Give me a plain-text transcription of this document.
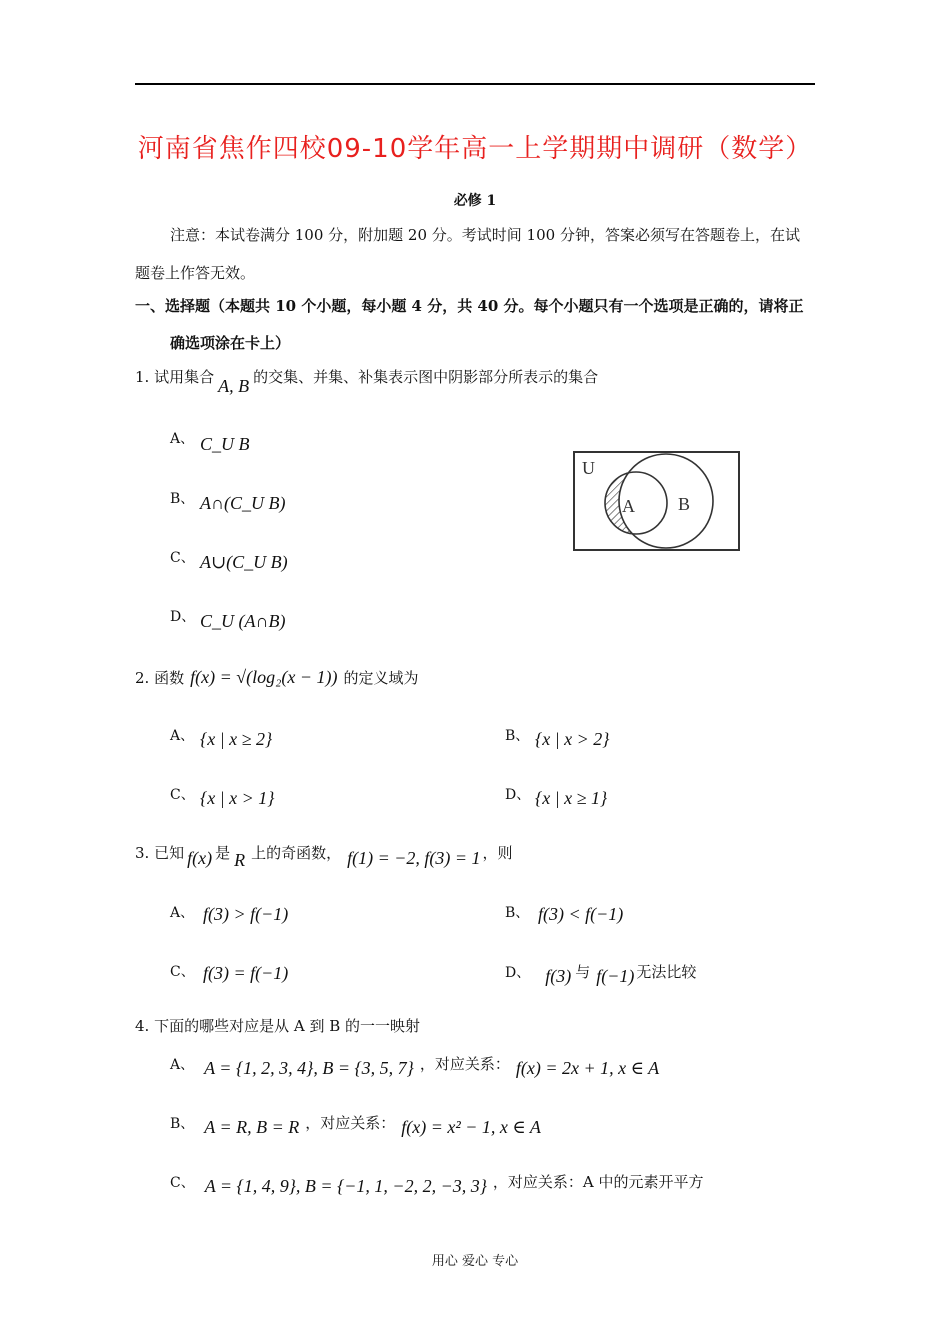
河南省焦作四校09-10学年高一上学期期中调研（数学）
必修 1
注意：本试卷满分 100 分，附加题 20 分。考试时间 100 分钟，答案必须写在答题卷上，在试
题卷上作答无效。
一、选择题（本题共 10 个小题，每小题 4 分，共 40 分。每个小题只有一个选项是正确的，请将正
确选项涂在卡上）
1. 试用集合 A, B 的交集、并集、补集表示图中阴影部分所表示的集合
A、 C_U B
B、 A∩(C_U B)
C、 A∪(C_U B)
D、 C_U (A∩B)
U
A B
2. 函数 f(x) = √(log₂(x − 1)) 的定义域为
A、 {x | x ≥ 2}	B、 {x | x > 2}
C、 {x | x > 1}	D、 {x | x ≥ 1}
3. 已知 f(x) 是 R 上的奇函数， f(1) = −2, f(3) = 1 ，则
A、 f(3) > f(−1)	B、 f(3) < f(−1)
C、 f(3) = f(−1)	D、 f(3) 与 f(−1) 无法比较
4. 下面的哪些对应是从 A 到 B 的一一映射
A、 A = {1, 2, 3, 4}, B = {3, 5, 7} ，对应关系： f(x) = 2x + 1, x ∈ A
B、 A = R, B = R ，对应关系： f(x) = x² − 1, x ∈ A
C、 A = {1, 4, 9}, B = {−1, 1, −2, 2, −3, 3} ，对应关系：A 中的元素开平方
用心 爱心 专心
